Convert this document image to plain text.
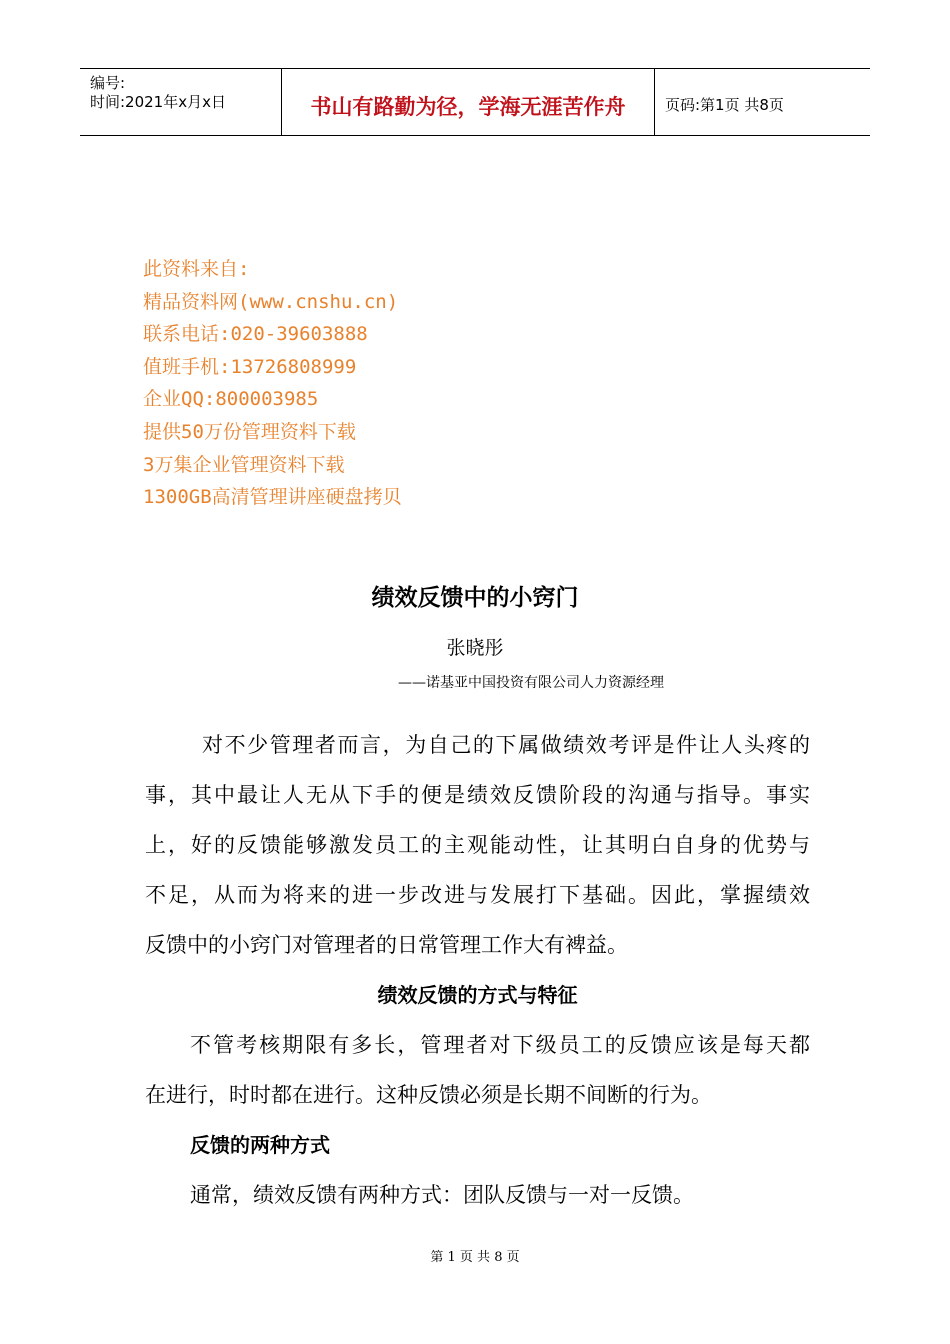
编号:
时间:2021年x月x日	书山有路勤为径，学海无涯苦作舟	页码:第1页 共8页
此资料来自:
精品资料网(www.cnshu.cn)
联系电话:020-39603888
值班手机:13726808999
企业QQ:800003985
提供50万份管理资料下载
3万集企业管理资料下载
1300GB高清管理讲座硬盘拷贝
绩效反馈中的小窍门
张晓彤
——诺基亚中国投资有限公司人力资源经理
对不少管理者而言，为自己的下属做绩效考评是件让人头疼的
事，其中最让人无从下手的便是绩效反馈阶段的沟通与指导。事实
上，好的反馈能够激发员工的主观能动性，让其明白自身的优势与
不足，从而为将来的进一步改进与发展打下基础。因此，掌握绩效
反馈中的小窍门对管理者的日常管理工作大有裨益。
绩效反馈的方式与特征
不管考核期限有多长，管理者对下级员工的反馈应该是每天都
在进行，时时都在进行。这种反馈必须是长期不间断的行为。
反馈的两种方式
通常，绩效反馈有两种方式：团队反馈与一对一反馈。
第 1 页 共 8 页
